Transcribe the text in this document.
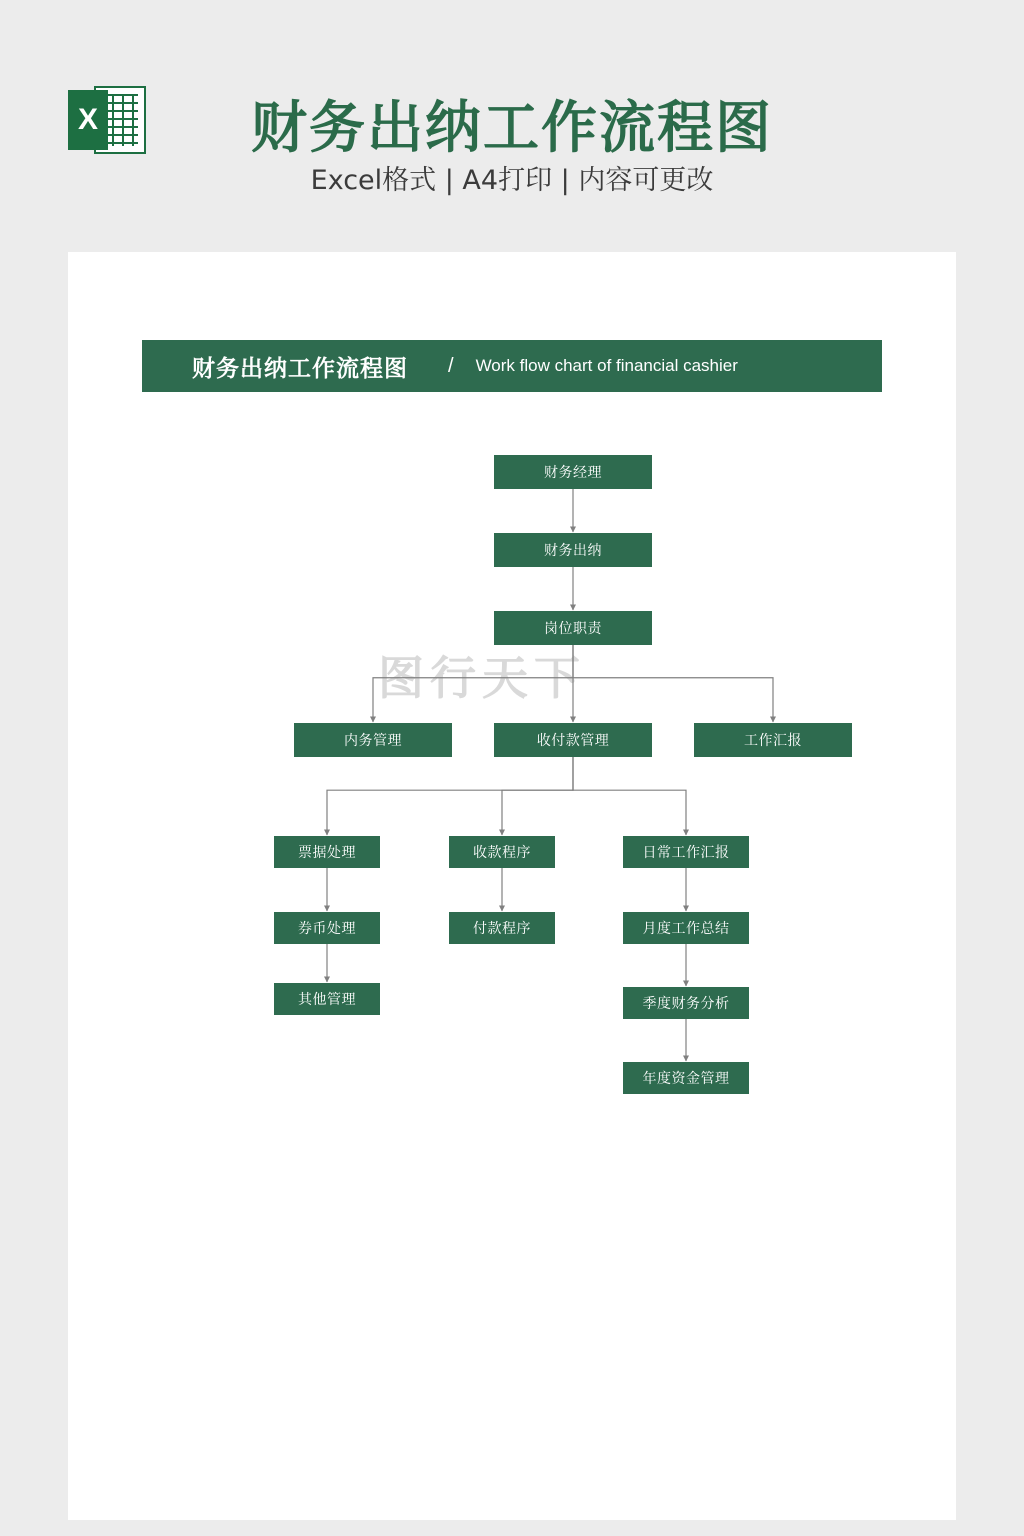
X	财务出纳工作流程图
Excel格式 | A4打印 | 内容可更改
财务出纳工作流程图 / Work flow chart of financial cashier
图行天下
财务经理
财务出纳
岗位职责
内务管理	收付款管理	工作汇报
票据处理	收款程序	日常工作汇报
券币处理	付款程序	月度工作总结
其他管理	季度财务分析
年度资金管理
